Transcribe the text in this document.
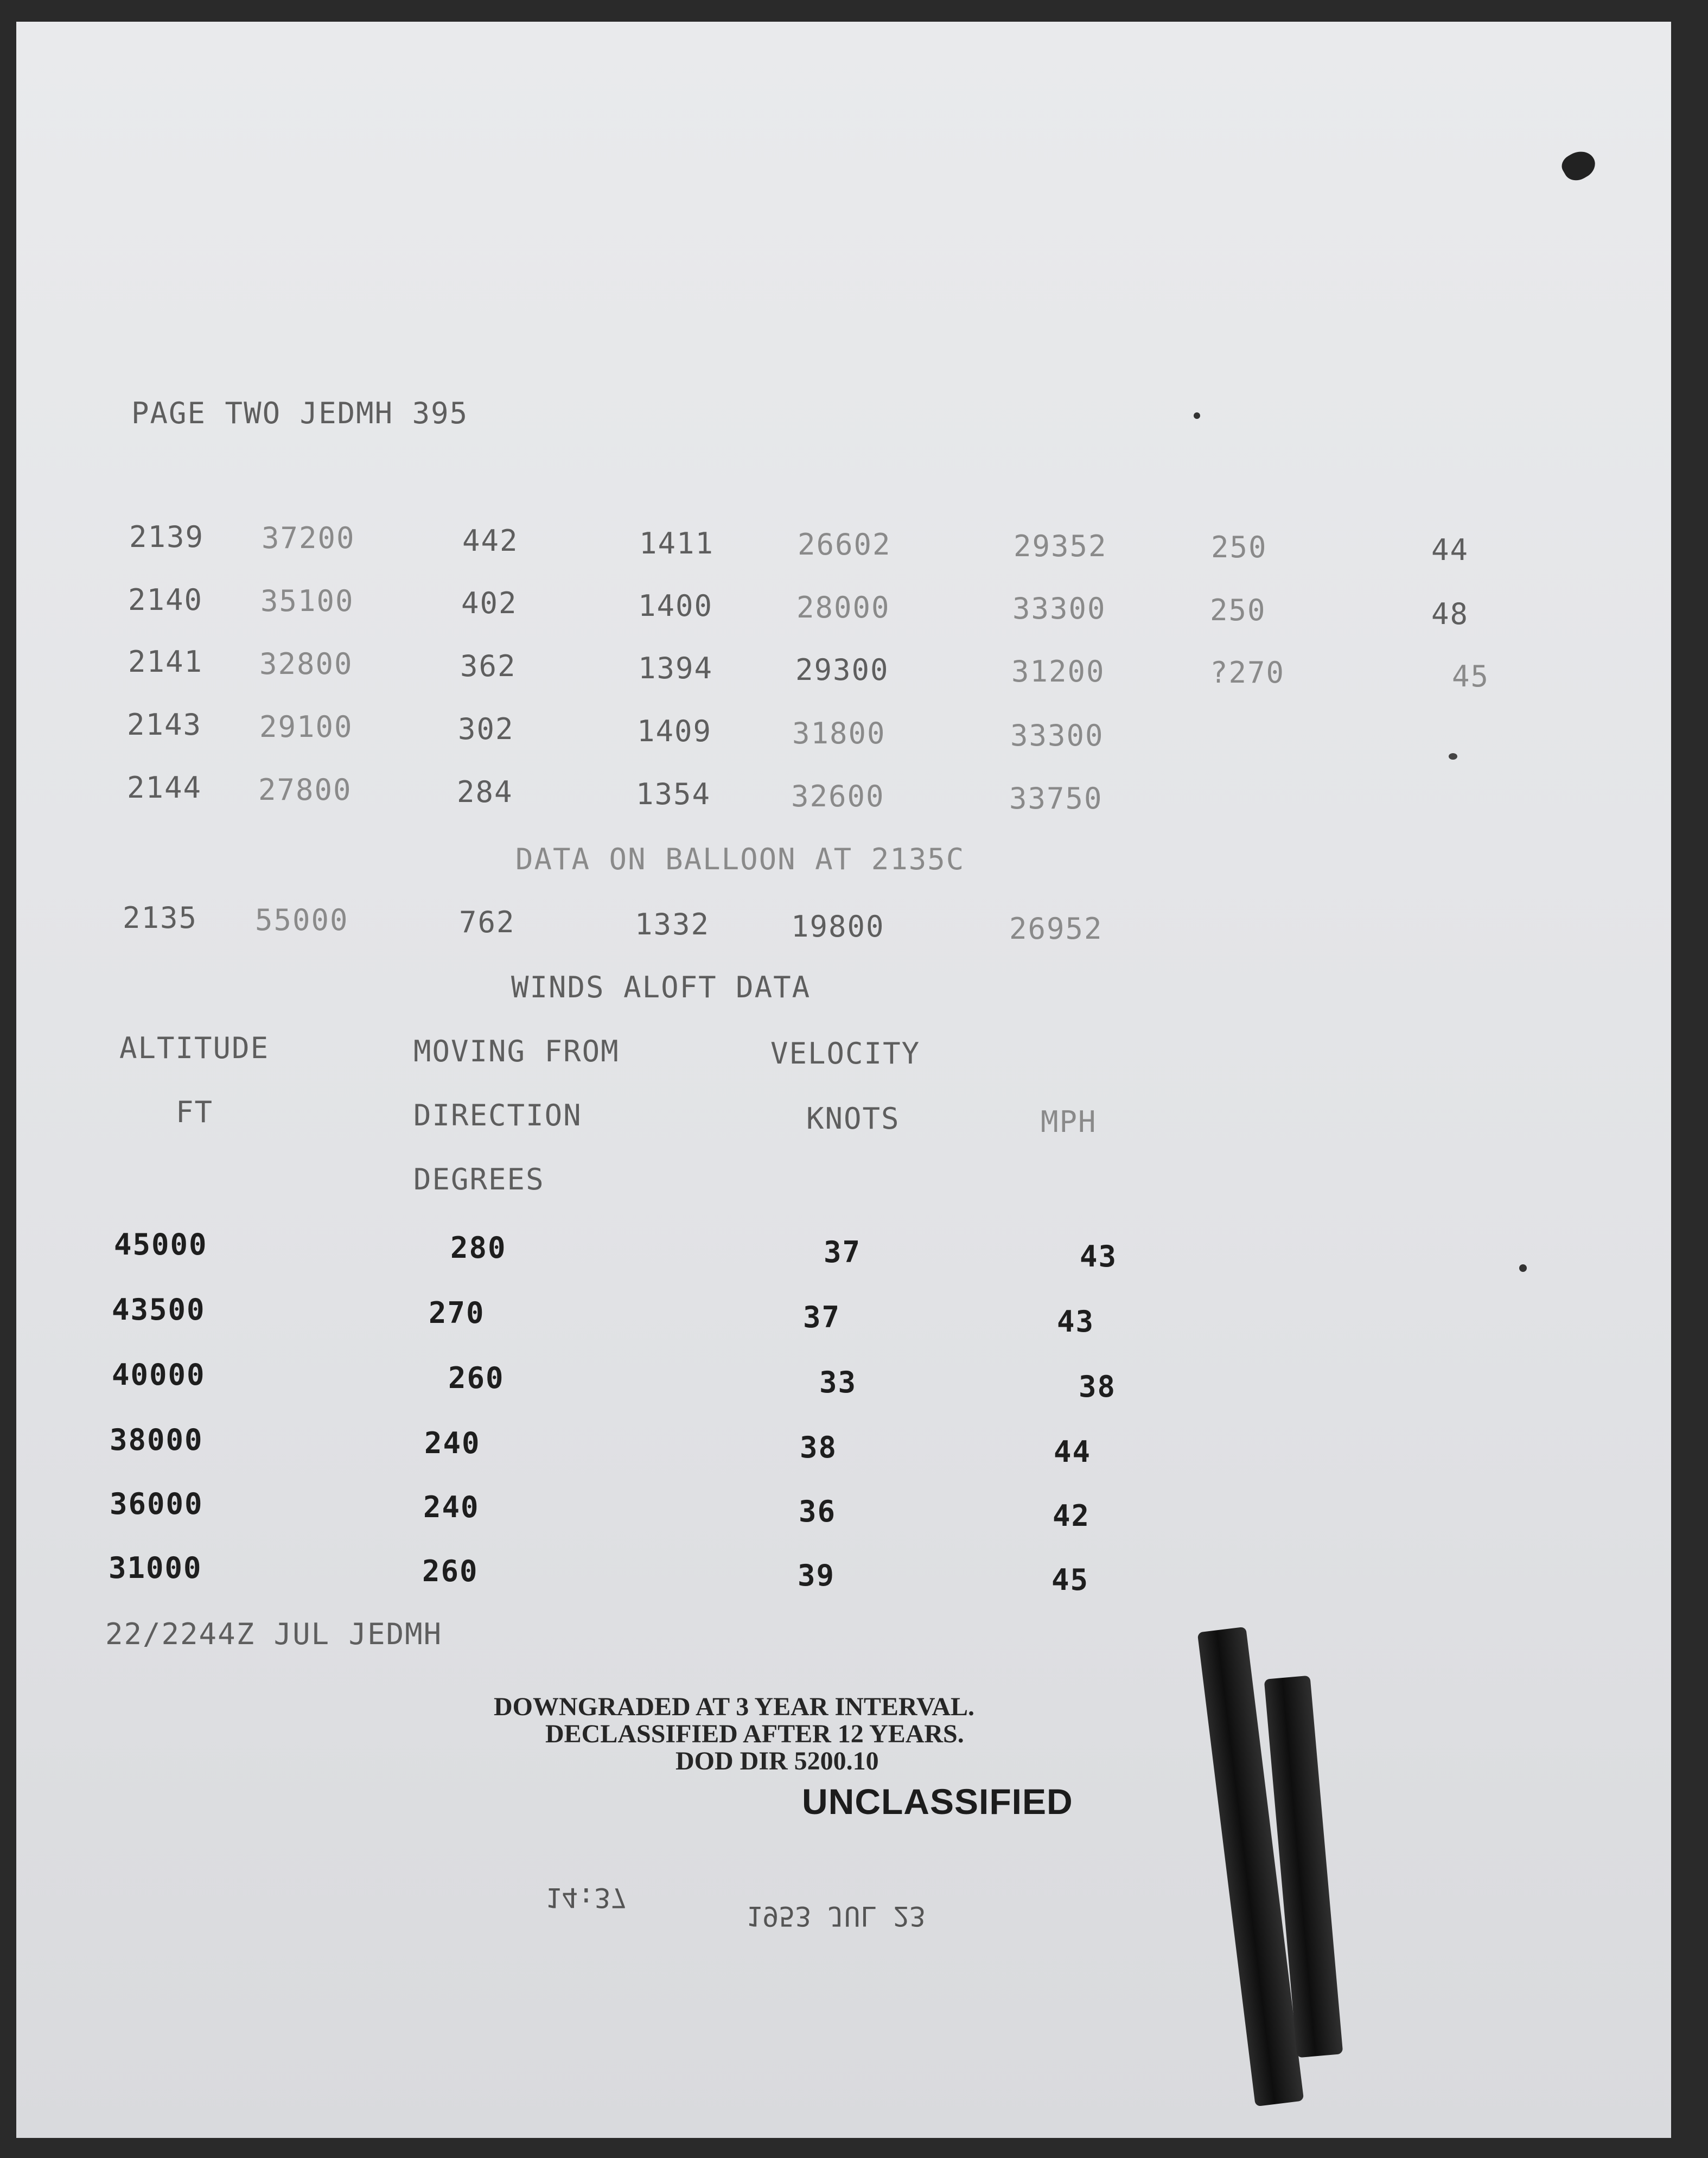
PAGE TWO JEDMH 395
2139 37200	442	1411	26602	29352	250	44
2140 35100	402	1400	28000	33300	250	48
2141 32800	362	1394	29300	31200	?270	45
2143 29100	302	1409	31800	33300
2144 27800	284	1354	32600	33750
DATA ON BALLOON AT 2135C
2135 55000	762	1332	19800	26952
WINDS ALOFT DATA
ALTITUDE	MOVING FROM	VELOCITY
FT	DIRECTION	KNOTS	MPH
DEGREES
45000	280	37	43
43500	270	37	43
40000	260	33	38
38000	240	38	44
36000	240	36	42
31000	260	39	45
22/2244Z JUL JEDMH
DOWNGRADED AT 3 YEAR INTERVAL.
DECLASSIFIED AFTER 12 YEARS.
DOD DIR 5200.10
UNCLASSIFIED
14:37
1953 JUL 23
